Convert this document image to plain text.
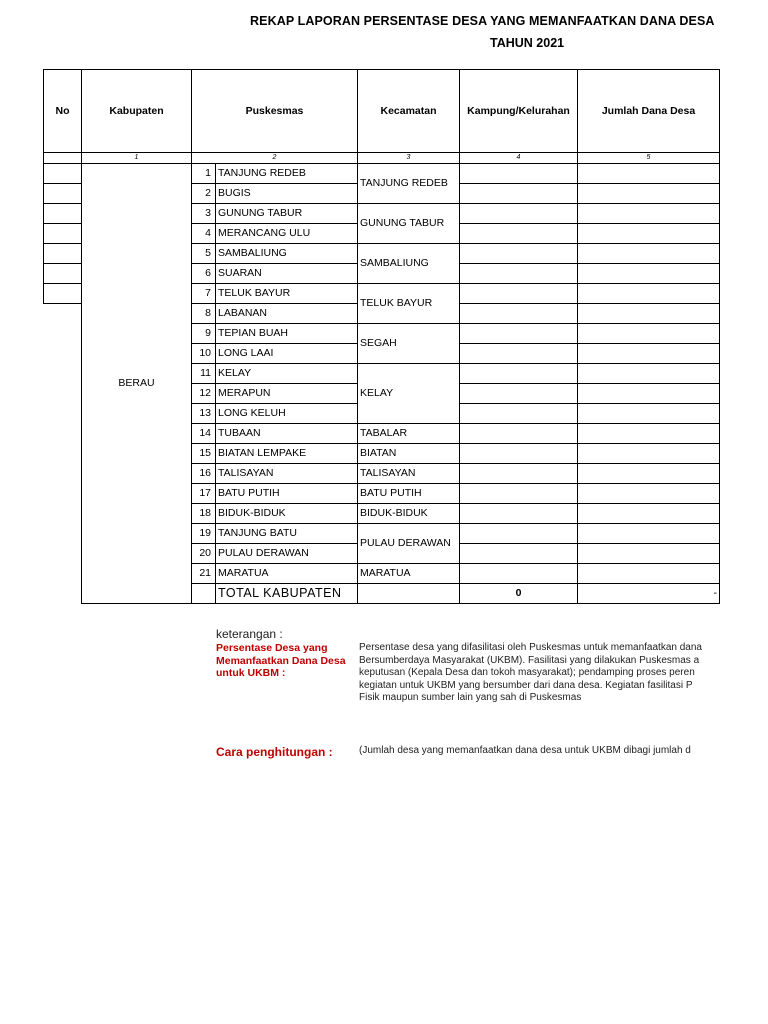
REKAP LAPORAN PERSENTASE DESA YANG MEMANFAATKAN DANA DESA
TAHUN 2021
No	Kabupaten	Puskesmas		Kecamatan	Kampung/Kelurahan	Jumlah Dana Desa
	1	2		3	4	5
	BERAU	1	TANJUNG REDEB	TANJUNG REDEB		
		2	BUGIS			
		3	GUNUNG TABUR	GUNUNG TABUR		
		4	MERANCANG ULU			
		5	SAMBALIUNG	SAMBALIUNG		
		6	SUARAN			
		7	TELUK BAYUR	TELUK BAYUR		
		8	LABANAN			
		9	TEPIAN BUAH	SEGAH		
		10	LONG LAAI			
		11	KELAY	KELAY		
		12	MERAPUN			
		13	LONG KELUH			
		14	TUBAAN	TABALAR		
		15	BIATAN LEMPAKE	BIATAN		
		16	TALISAYAN	TALISAYAN		
		17	BATU PUTIH	BATU PUTIH		
		18	BIDUK-BIDUK	BIDUK-BIDUK		
		19	TANJUNG BATU	PULAU DERAWAN		
		20	PULAU DERAWAN			
		21	MARATUA	MARATUA		
			TOTAL KABUPATEN		0	-
keterangan :
Persentase Desa yang Memanfaatkan Dana Desa untuk UKBM :
Persentase desa yang difasilitasi oleh Puskesmas untuk memanfaatkan dana
Bersumberdaya Masyarakat (UKBM). Fasilitasi yang dilakukan Puskesmas a
keputusan (Kepala Desa dan tokoh masyarakat); pendamping proses peren
kegiatan untuk UKBM yang bersumber dari dana desa. Kegiatan fasilitasi P
Fisik maupun sumber lain yang sah di Puskesmas
Cara penghitungan :	(Jumlah desa yang memanfaatkan dana desa untuk UKBM dibagi jumlah d
